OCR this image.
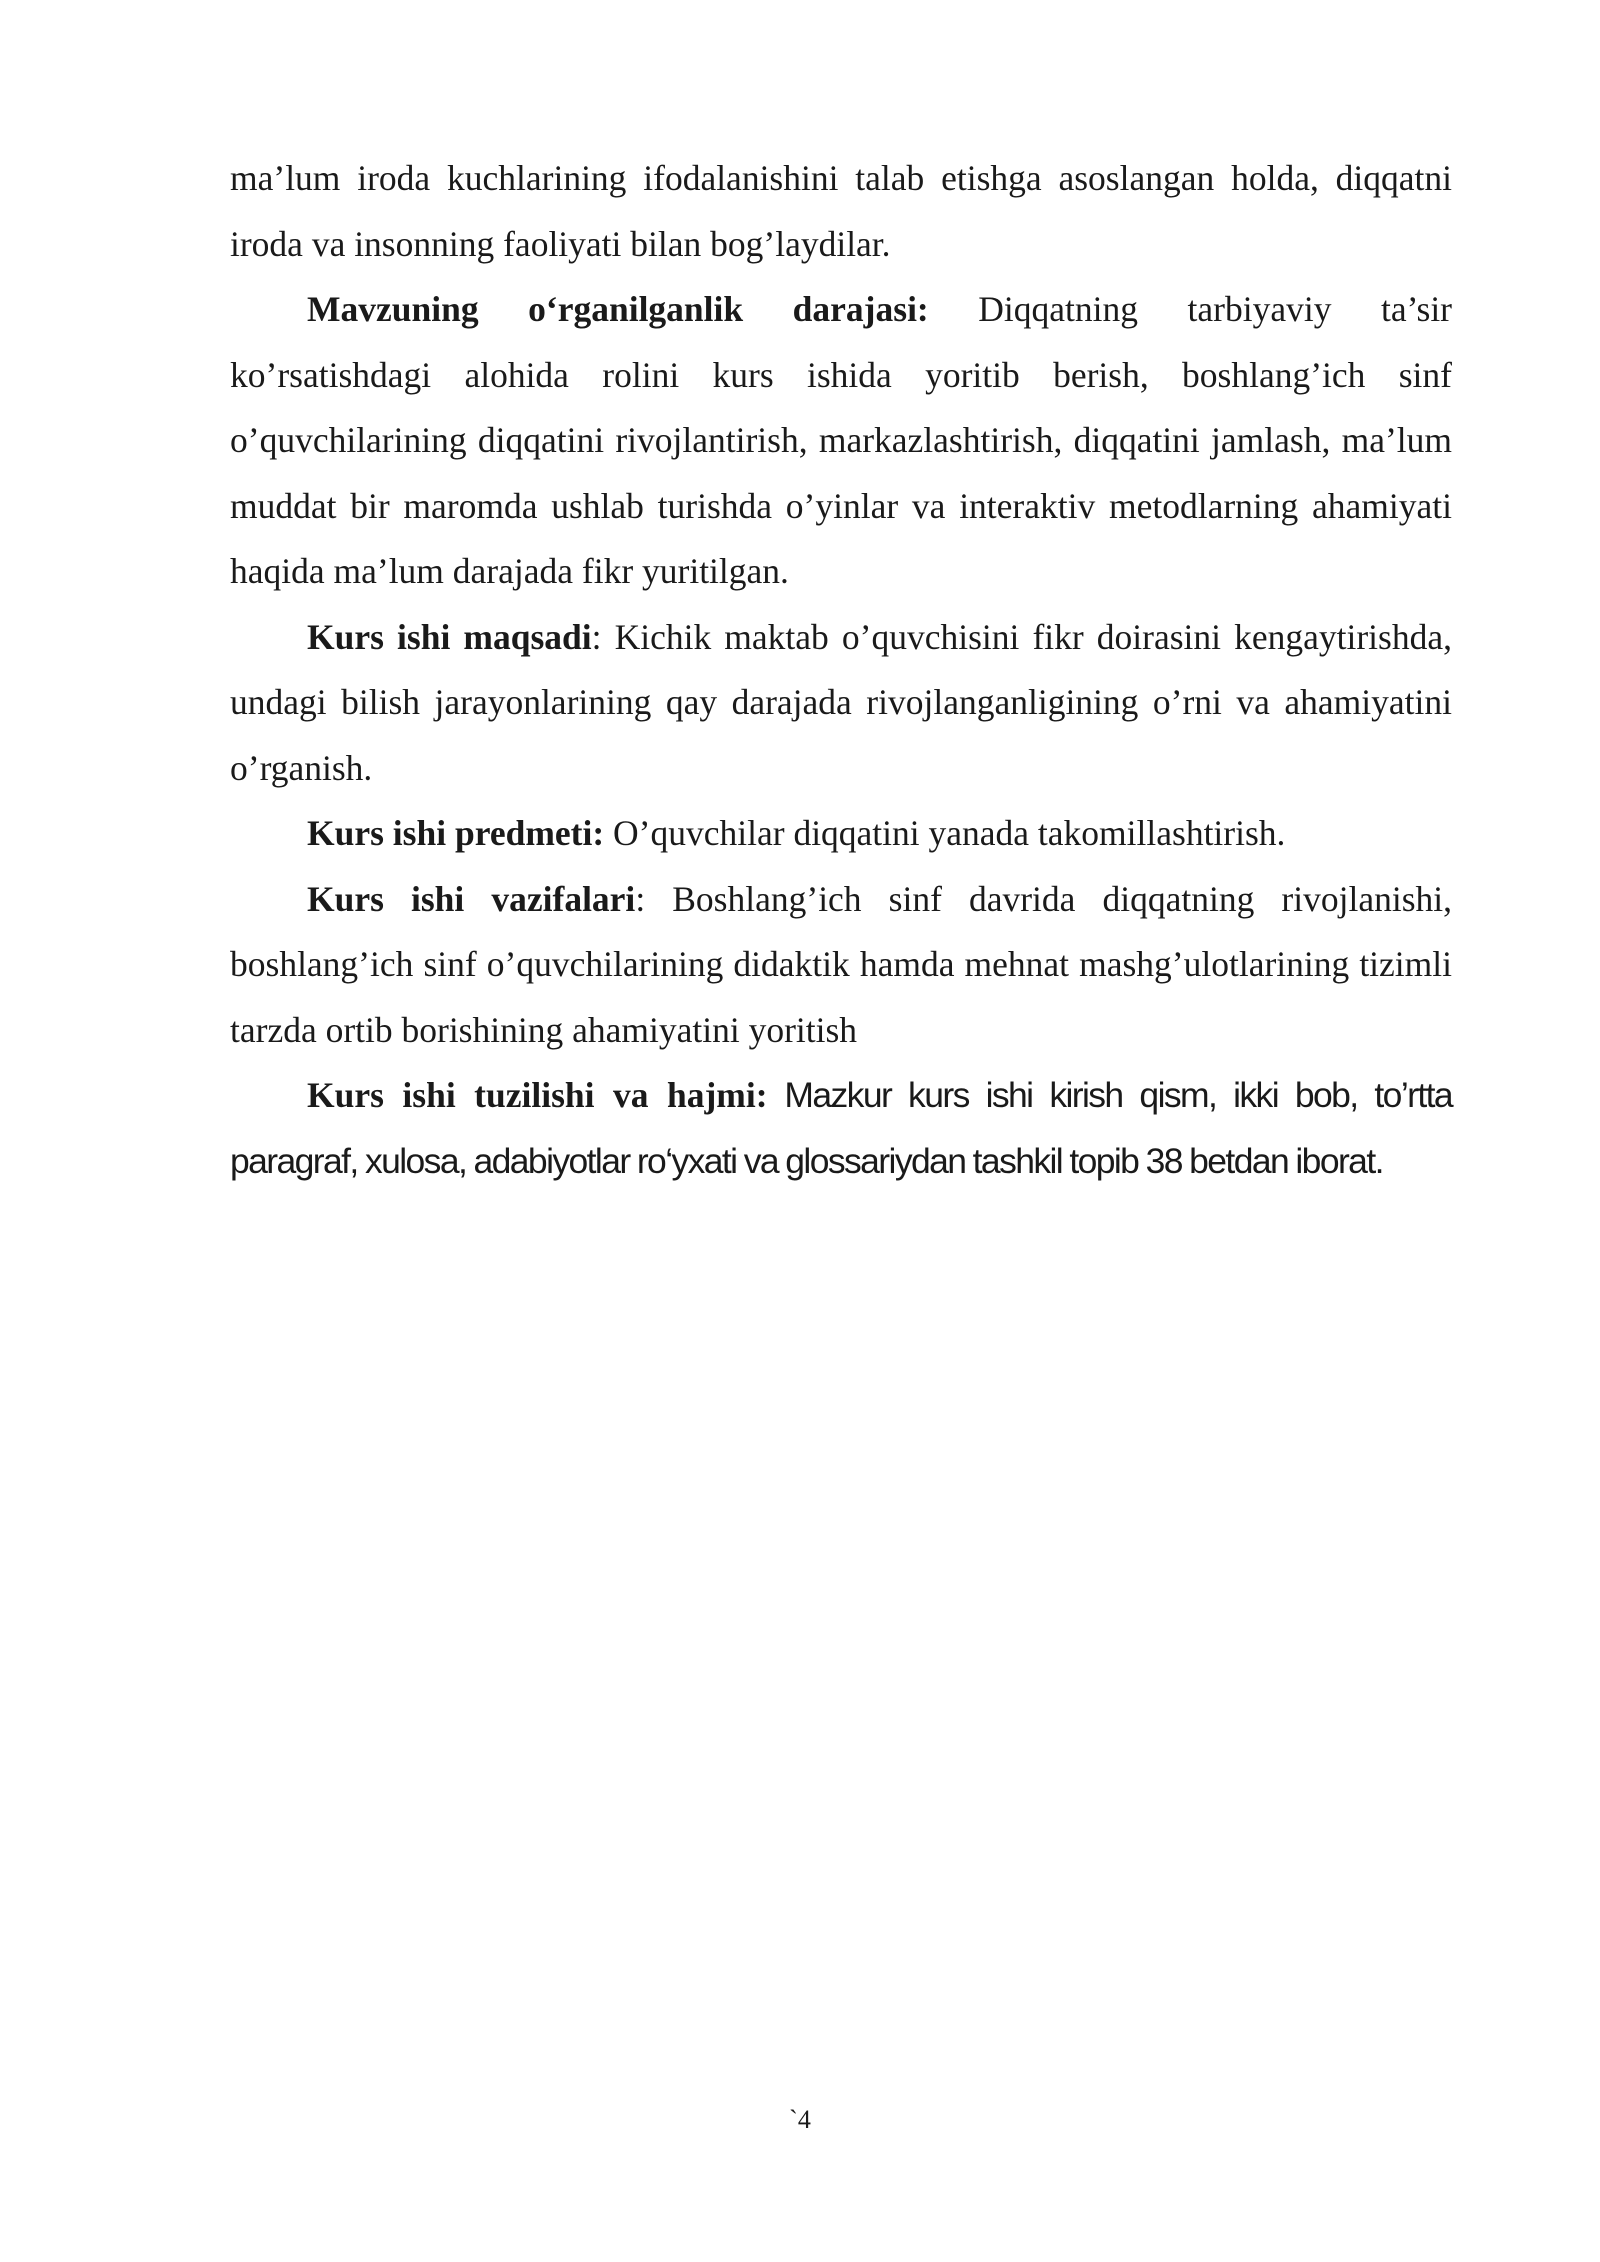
ma’lum iroda kuchlarining ifodalanishini talab etishga asoslangan holda, diqqatni iroda va insonning faoliyati bilan bog’laydilar.

Mavzuning o‘rganilganlik darajasi: Diqqatning tarbiyaviy ta’sir ko’rsatishdagi alohida rolini kurs ishida yoritib berish, boshlang’ich sinf o’quvchilarining diqqatini rivojlantirish, markazlashtirish, diqqatini jamlash, ma’lum muddat bir maromda ushlab turishda o’yinlar va interaktiv metodlarning ahamiyati haqida ma’lum darajada fikr yuritilgan.

Kurs ishi maqsadi: Kichik maktab o’quvchisini fikr doirasini kengaytirishda, undagi bilish jarayonlarining qay darajada rivojlanganligining o’rni va ahamiyatini o’rganish.

Kurs ishi predmeti: O’quvchilar diqqatini yanada takomillashtirish.

Kurs ishi vazifalari: Boshlang’ich sinf davrida diqqatning rivojlanishi, boshlang’ich sinf o’quvchilarining didaktik hamda mehnat mashg’ulotlarining tizimli tarzda ortib borishining ahamiyatini yoritish

Kurs ishi tuzilishi va hajmi: Mazkur kurs ishi kirish qism, ikki bob, to’rtta paragraf, xulosa, adabiyotlar ro‘yxati va glossariydan tashkil topib 38 betdan iborat.

`4
